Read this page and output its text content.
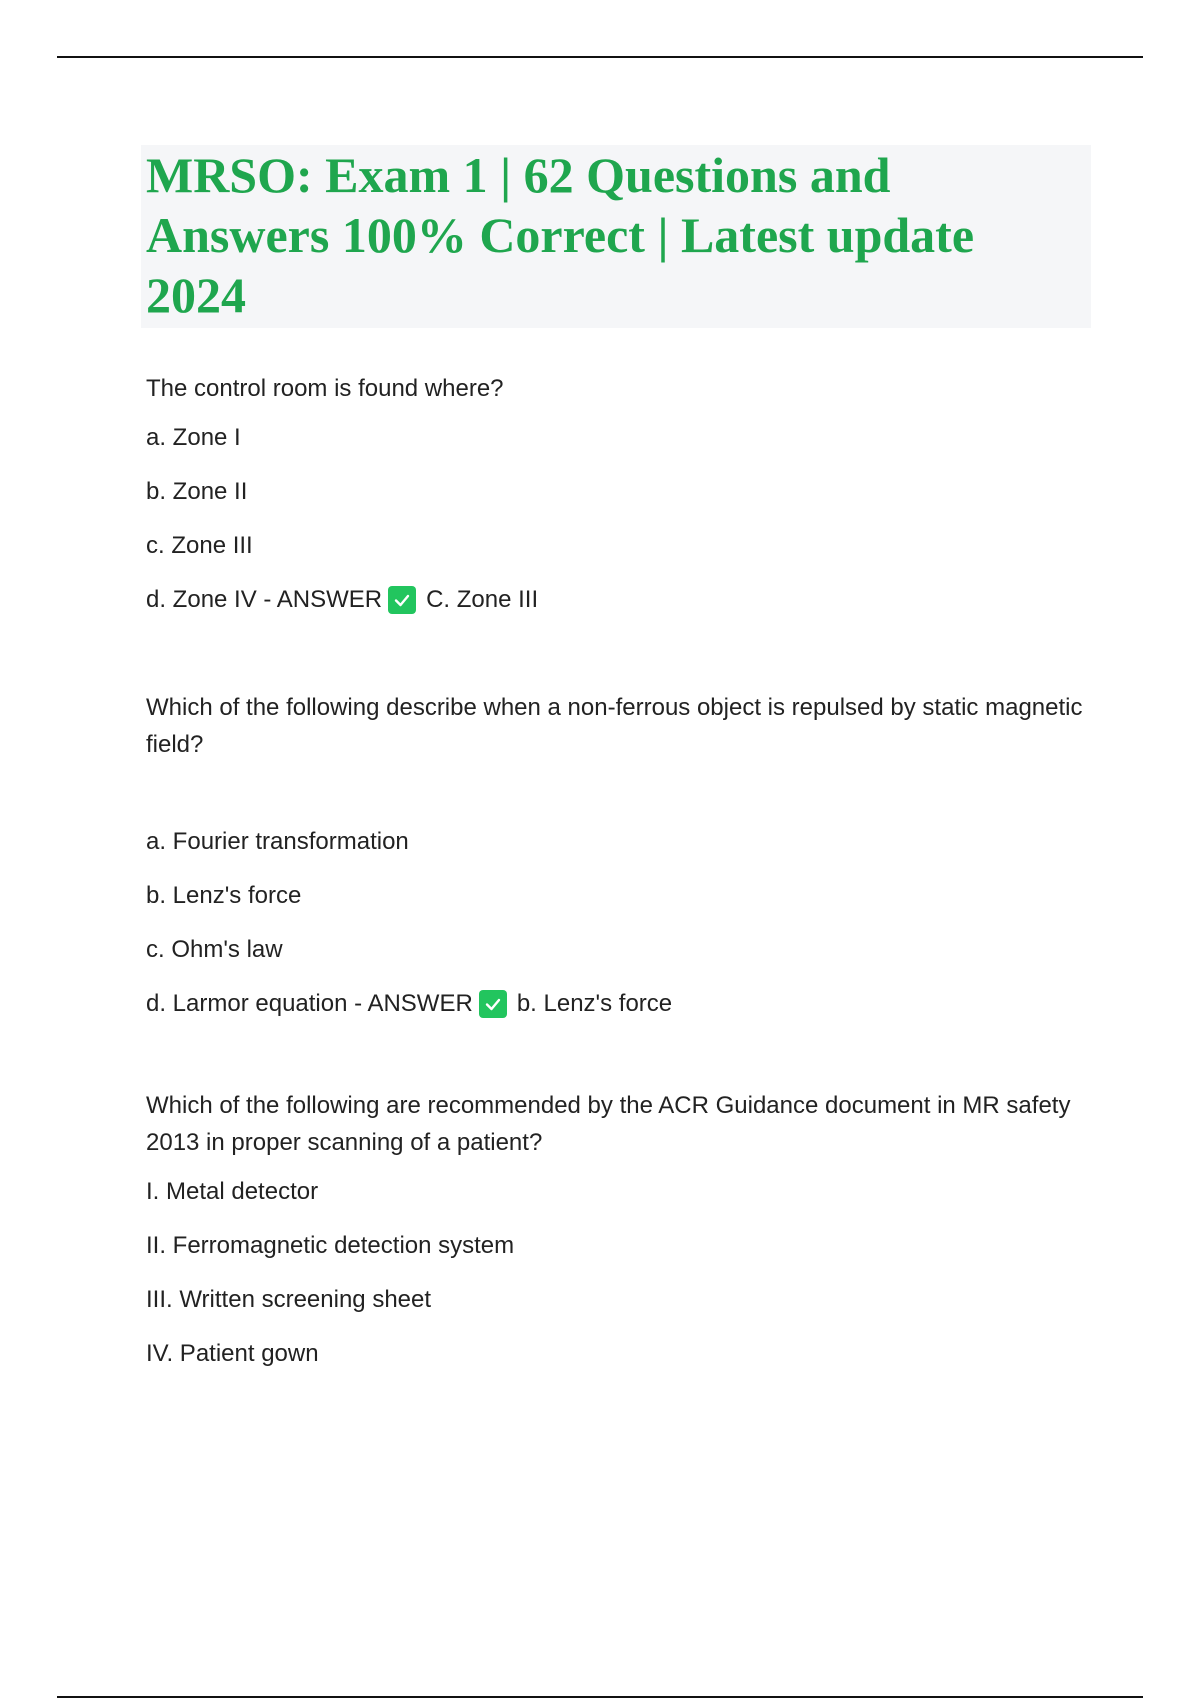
MRSO: Exam 1 | 62 Questions and Answers 100% Correct | Latest update 2024

The control room is found where?

a. Zone I

b. Zone II

c. Zone III

d. Zone IV - ANSWER C. Zone III

Which of the following describe when a non-ferrous object is repulsed by static magnetic field?

a. Fourier transformation

b. Lenz's force

c. Ohm's law

d. Larmor equation - ANSWER b. Lenz's force

Which of the following are recommended by the ACR Guidance document in MR safety 2013 in proper scanning of a patient?

I. Metal detector

II. Ferromagnetic detection system

III. Written screening sheet

IV. Patient gown
